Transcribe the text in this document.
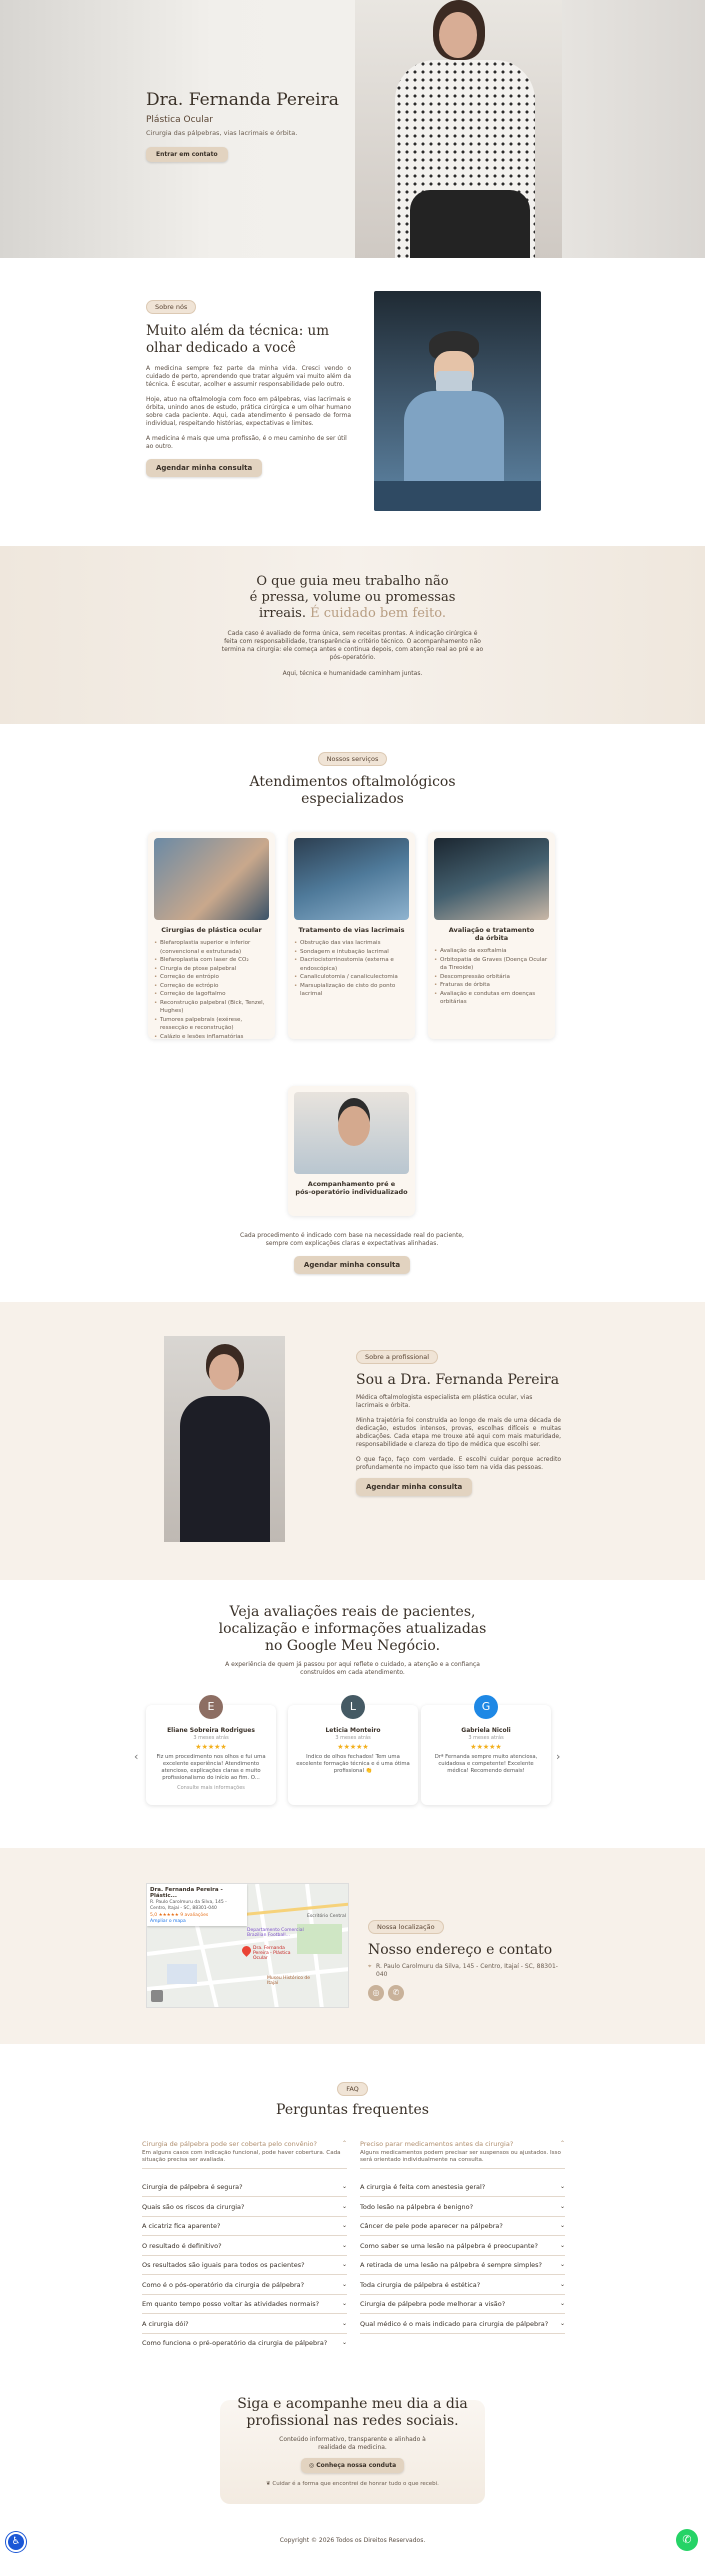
Dra. Fernanda Pereira
Plástica Ocular
Cirurgia das pálpebras, vias lacrimais e órbita.
Entrar em contato
Sobre nós
Muito além da técnica: um olhar dedicado a você

A medicina sempre fez parte da minha vida. Cresci vendo o cuidado de perto, aprendendo que tratar alguém vai muito além da técnica. É escutar, acolher e assumir responsabilidade pelo outro.

Hoje, atuo na oftalmologia com foco em pálpebras, vias lacrimais e órbita, unindo anos de estudo, prática cirúrgica e um olhar humano sobre cada paciente. Aqui, cada atendimento é pensado de forma individual, respeitando histórias, expectativas e limites.

A medicina é mais que uma profissão, é o meu caminho de ser útil ao outro.

Agendar minha consulta
O que guia meu trabalho não
é pressa, volume ou promessas
irreais. É cuidado bem feito.

Cada caso é avaliado de forma única, sem receitas prontas. A indicação cirúrgica é feita com responsabilidade, transparência e critério técnico. O acompanhamento não termina na cirurgia: ele começa antes e continua depois, com atenção real ao pré e ao pós-operatório.

Aqui, técnica e humanidade caminham juntas.

Nossos serviços
Atendimentos oftalmológicos
especializados
Cirurgias de plástica ocular
• Blefaroplastia superior e inferior (convencional e estruturada)
• Blefaroplastia com laser de CO₂
• Cirurgia de ptose palpebral
• Correção de entrópio
• Correção de ectrópio
• Correção de lagoftalmo
• Reconstrução palpebral (Bick, Tenzel, Hughes)
• Tumores palpebrais (exérese, ressecção e reconstrução)
• Calázio e lesões inflamatórias
Tratamento de vias lacrimais
• Obstrução das vias lacrimais
• Sondagem e intubação lacrimal
• Dacriocistorrinostomia (externa e endoscópica)
• Canaliculotomia / canaliculectomia
• Marsupialização de cisto do ponto lacrimal
Avaliação e tratamento
da órbita
• Avaliação da exoftalmia
• Orbitopatia de Graves (Doença Ocular da Tireoide)
• Descompressão orbitária
• Fraturas de órbita
• Avaliação e condutas em doenças orbitárias
Acompanhamento pré e
pós-operatório individualizado

Cada procedimento é indicado com base na necessidade real do paciente, sempre com explicações claras e expectativas alinhadas.

Agendar minha consulta
Sobre a profissional
Sou a Dra. Fernanda Pereira

Médica oftalmologista especialista em plástica ocular, vias lacrimais e órbita.

Minha trajetória foi construída ao longo de mais de uma década de dedicação, estudos intensos, provas, escolhas difíceis e muitas abdicações. Cada etapa me trouxe até aqui com mais maturidade, responsabilidade e clareza do tipo de médica que escolhi ser.

O que faço, faço com verdade. E escolhi cuidar porque acredito profundamente no impacto que isso tem na vida das pessoas.

Agendar minha consulta
Veja avaliações reais de pacientes,
localização e informações atualizadas
no Google Meu Negócio.

A experiência de quem já passou por aqui reflete o cuidado, a atenção e a confiança construídos em cada atendimento.

‹	›
E
Eliane Sobreira Rodrigues
3 meses atrás
★★★★★
Fiz um procedimento nos olhos e fui uma excelente experiência! Atendimento atencioso, explicações claras e muito profissionalismo do início ao fim. O...
Consulte mais informações
L
Leticia Monteiro
3 meses atrás
★★★★★
Indico de olhos fechados! Tem uma excelente formação técnica e é uma ótima profissional 👏
G
Gabriela Nicoli
3 meses atrás
★★★★★
Drª Fernanda sempre muito atenciosa, cuidadosa e competente! Excelente médica! Recomendo demais!
Dra. Fernanda Pereira - Plástic...
R. Paulo Carolmuru da Silva, 145 - Centro, Itajaí - SC, 88301-040
5,0 ★★★★★ 9 avaliações
Ampliar o mapa
Departamento Comercial Brazilian Football...
Escritório Central
Museu Histórico de Itajaí
Dra. Fernanda Pereira - Plástica Ocular
Nossa localização
Nosso endereço e contato
⌖ R. Paulo Carolmuru da Silva, 145 - Centro, Itajaí - SC, 88301-040
◎	✆
FAQ
Perguntas frequentes
Cirurgia de pálpebra pode ser coberta pelo convênio?
Em alguns casos com indicação funcional, pode haver cobertura. Cada situação precisa ser avaliada.
⌃ Preciso parar medicamentos antes da cirurgia?
Alguns medicamentos podem precisar ser suspensos ou ajustados. Isso será orientado individualmente na consulta.
⌃
Cirurgia de pálpebra é segura?	⌄
Quais são os riscos da cirurgia?	⌄
A cicatriz fica aparente?	⌄
O resultado é definitivo?	⌄
Os resultados são iguais para todos os pacientes?	⌄
Como é o pós-operatório da cirurgia de pálpebra?	⌄
Em quanto tempo posso voltar às atividades normais?	⌄
A cirurgia dói?	⌄
Como funciona o pré-operatório da cirurgia de pálpebra? ⌄
A cirurgia é feita com anestesia geral?	⌄
Todo lesão na pálpebra é benigno?	⌄
Câncer de pele pode aparecer na pálpebra?	⌄
Como saber se uma lesão na pálpebra é preocupante?	⌄
A retirada de uma lesão na pálpebra é sempre simples?	⌄
Toda cirurgia de pálpebra é estética?	⌄
Cirurgia de pálpebra pode melhorar a visão?	⌄
Qual médico é o mais indicado para cirurgia de pálpebra? ⌄
Siga e acompanhe meu dia a dia
profissional nas redes sociais.

Conteúdo informativo, transparente e alinhado à realidade da medicina.

◎ Conheça nossa conduta
❦ Cuidar é a forma que encontrei de honrar tudo o que recebi.
Copyright © 2026 Todos os Direitos Reservados.
♿	✆
